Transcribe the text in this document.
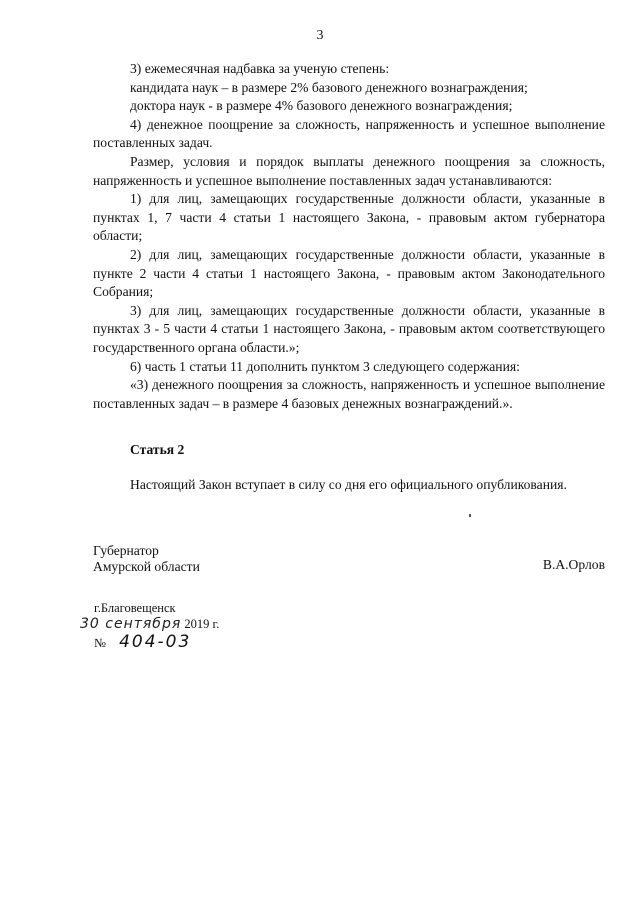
3

3) ежемесячная надбавка за ученую степень:

кандидата наук – в размере 2% базового денежного вознаграждения;

доктора наук - в размере 4% базового денежного вознаграждения;

4) денежное поощрение за сложность, напряженность и успешное выполнение поставленных задач.

Размер, условия и порядок выплаты денежного поощрения за сложность, напряженность и успешное выполнение поставленных задач устанавливаются:

1) для лиц, замещающих государственные должности области, указанные в пунктах 1, 7 части 4 статьи 1 настоящего Закона, - правовым актом губернатора области;

2) для лиц, замещающих государственные должности области, указанные в пункте 2 части 4 статьи 1 настоящего Закона, - правовым актом Законодательного Собрания;

3) для лиц, замещающих государственные должности области, указанные в пунктах 3 - 5 части 4 статьи 1 настоящего Закона, - правовым актом соответствующего государственного органа области.»;

6) часть 1 статьи 11 дополнить пунктом 3 следующего содержания:

«3) денежного поощрения за сложность, напряженность и успешное выполнение поставленных задач – в размере 4 базовых денежных вознаграждений.».

Статья 2

Настоящий Закон вступает в силу со дня его официального опубликования.

Губернатор
Амурской области	В.А.Орлов
г.Благовещенск
30 сентября 2019 г.
№ 404-03
